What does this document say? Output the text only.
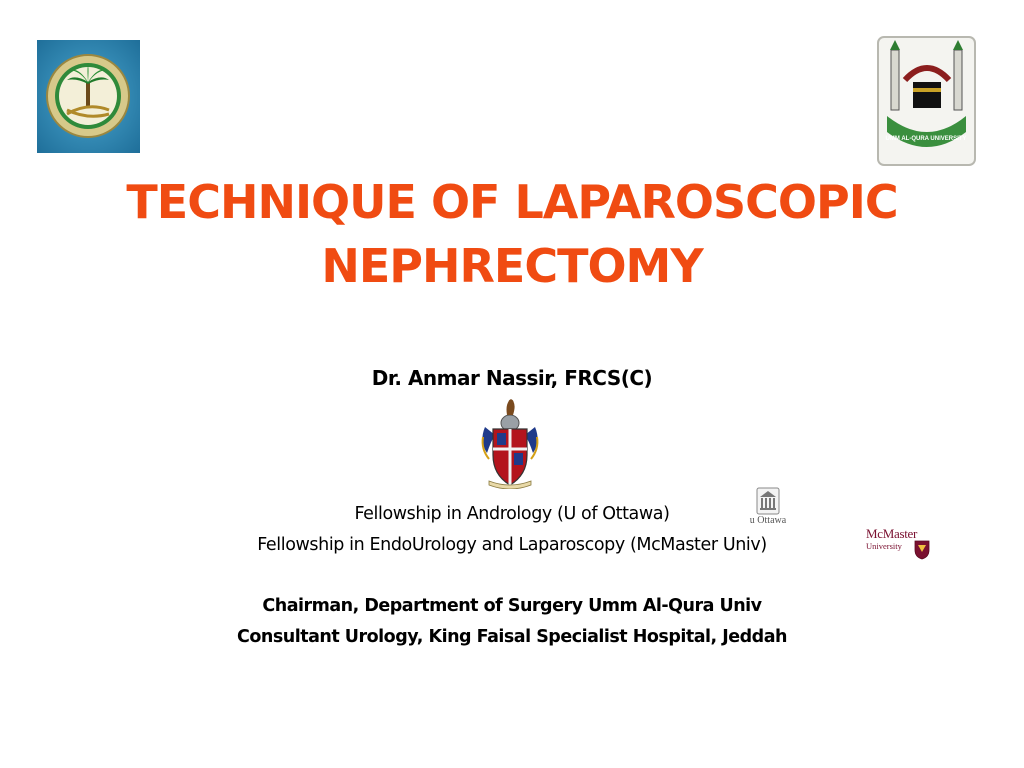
UMM AL-QURA UNIVERSITY
TECHNIQUE OF LAPAROSCOPIC
NEPHRECTOMY
Dr. Anmar Nassir, FRCS(C)
Fellowship in Andrology (U of Ottawa)
Fellowship in EndoUrology and Laparoscopy (McMaster Univ)
u Ottawa
McMaster
University
Chairman, Department of Surgery Umm Al-Qura Univ
Consultant Urology, King Faisal Specialist Hospital, Jeddah
